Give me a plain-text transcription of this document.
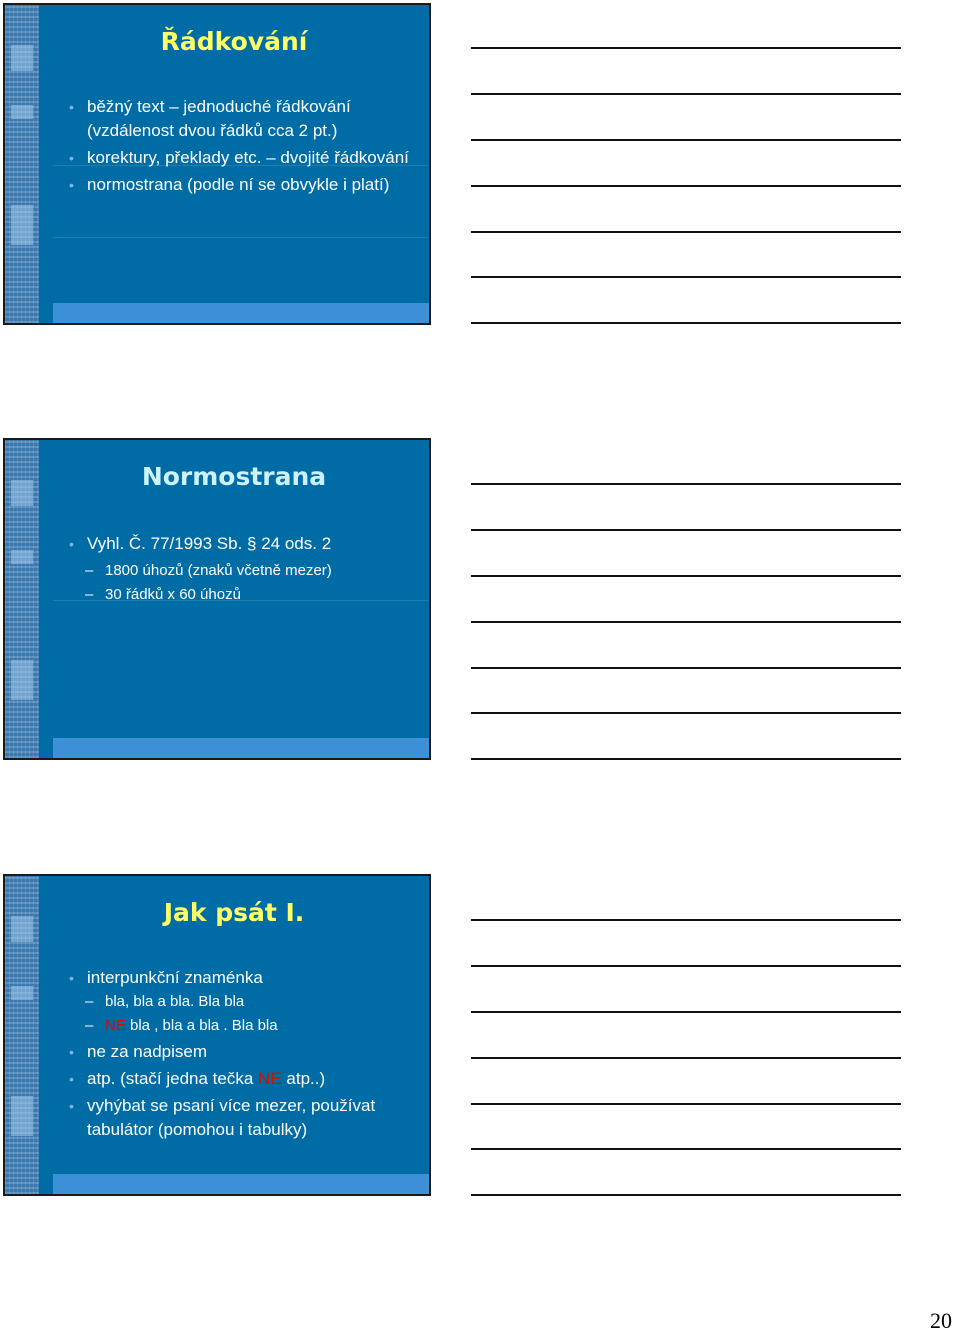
Řádkování
• běžný text – jednoduché řádkování (vzdálenost dvou řádků cca 2 pt.)
• korektury, překlady etc. – dvojité řádkování
• normostrana (podle ní se obvykle i platí)
Normostrana
• Vyhl. Č. 77/1993 Sb. § 24 ods. 2
– 1800 úhozů (znaků včetně mezer)
– 30 řádků x 60 úhozů
Jak psát I.
• interpunkční znaménka
– bla, bla a bla. Bla bla
– NE bla , bla a bla . Bla bla
• ne za nadpisem
• atp. (stačí jedna tečka NE atp..)
• vyhýbat se psaní více mezer, používat tabulátor (pomohou i tabulky)
20
